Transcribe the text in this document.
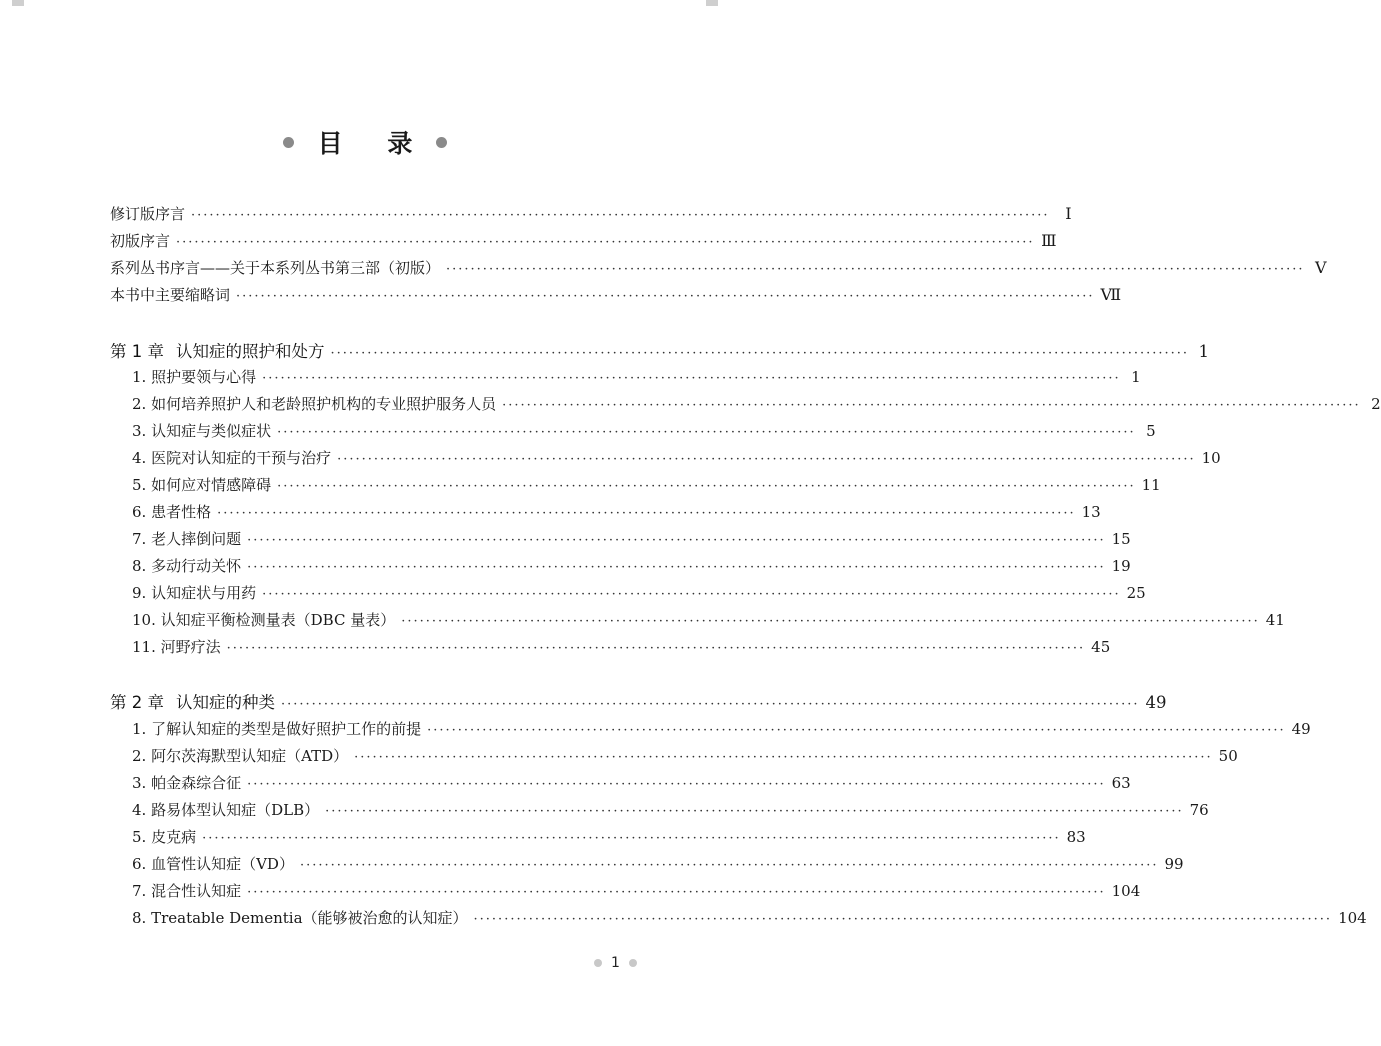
目 录
修订版序言 ············································································································································ Ⅰ
初版序言 ············································································································································ Ⅲ
系列丛书序言——关于本系列丛书第三部（初版） ············································································································································ Ⅴ
本书中主要缩略词 ············································································································································ Ⅶ
第 1 章 认知症的照护和处方 ············································································································································ 1
1. 照护要领与心得 ············································································································································ 1
2. 如何培养照护人和老龄照护机构的专业照护服务人员 ············································································································································ 2
3. 认知症与类似症状 ············································································································································ 5
4. 医院对认知症的干预与治疗 ············································································································································ 10
5. 如何应对情感障碍 ············································································································································ 11
6. 患者性格 ············································································································································ 13
7. 老人摔倒问题 ············································································································································ 15
8. 多动行动关怀 ············································································································································ 19
9. 认知症状与用药 ············································································································································ 25
10. 认知症平衡检测量表（DBC 量表） ············································································································································ 41
11. 河野疗法 ············································································································································ 45
第 2 章 认知症的种类 ············································································································································ 49
1. 了解认知症的类型是做好照护工作的前提 ············································································································································ 49
2. 阿尔茨海默型认知症（ATD） ············································································································································ 50
3. 帕金森综合征 ············································································································································ 63
4. 路易体型认知症（DLB） ············································································································································ 76
5. 皮克病 ············································································································································ 83
6. 血管性认知症（VD） ············································································································································ 99
7. 混合性认知症 ············································································································································ 104
8. Treatable Dementia（能够被治愈的认知症） ············································································································································ 104
1
